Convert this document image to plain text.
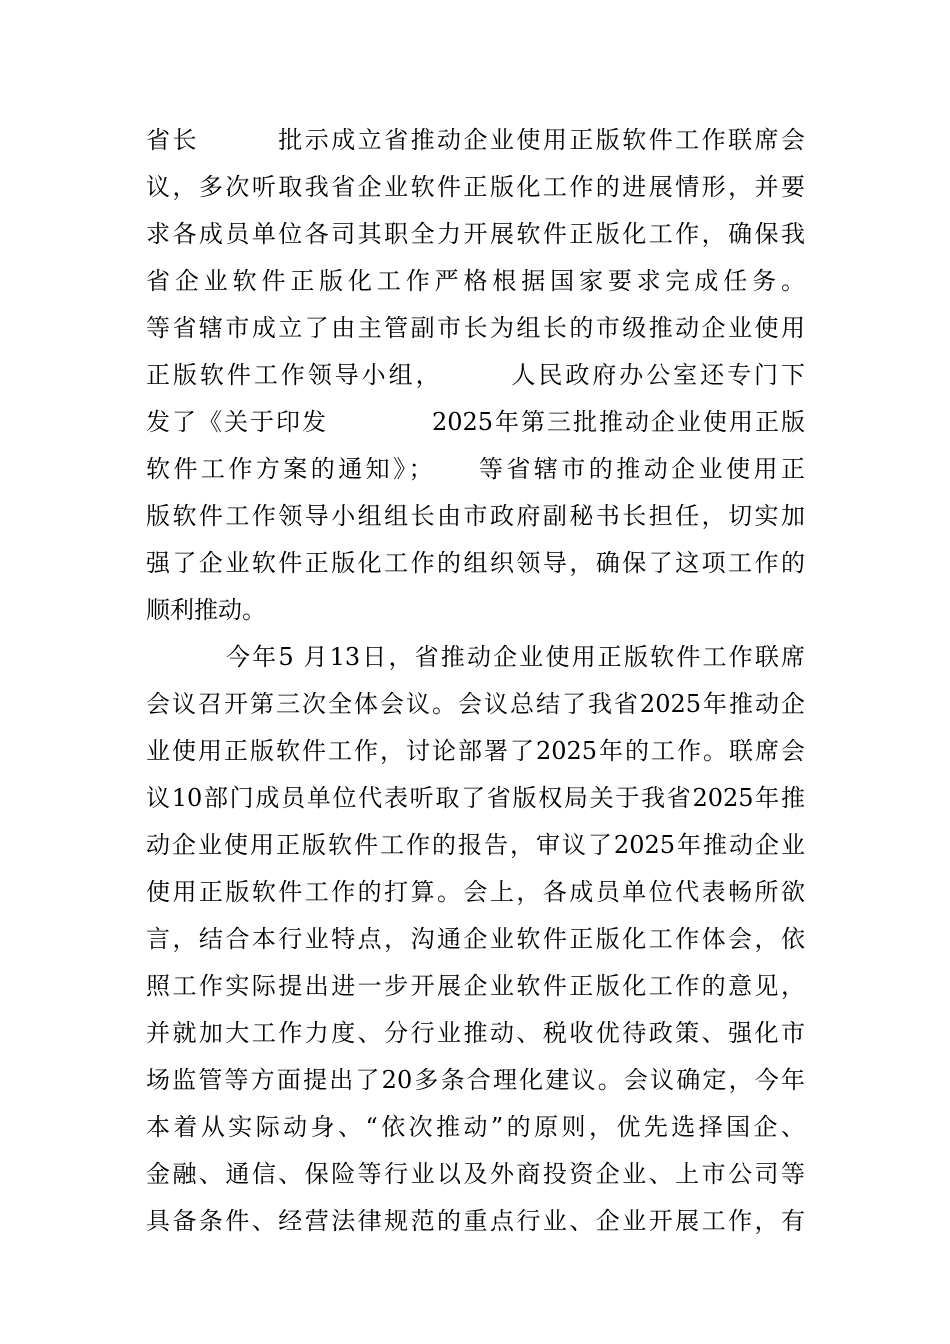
省长　　　批示成立省推动企业使用正版软件工作联席会
议，多次听取我省企业软件正版化工作的进展情形，并要
求各成员单位各司其职全力开展软件正版化工作，确保我
省企业软件正版化工作严格根据国家要求完成任务。
等省辖市成立了由主管副市长为组长的市级推动企业使用
正版软件工作领导小组，　　　人民政府办公室还专门下
发了《关于印发　　　　2025年第三批推动企业使用正版
软件工作方案的通知》；　　等省辖市的推动企业使用正
版软件工作领导小组组长由市政府副秘书长担任，切实加
强了企业软件正版化工作的组织领导，确保了这项工作的
顺利推动。
今年5 月13日，省推动企业使用正版软件工作联席
会议召开第三次全体会议。会议总结了我省2025年推动企
业使用正版软件工作，讨论部署了2025年的工作。联席会
议10部门成员单位代表听取了省版权局关于我省2025年推
动企业使用正版软件工作的报告，审议了2025年推动企业
使用正版软件工作的打算。会上，各成员单位代表畅所欲
言，结合本行业特点，沟通企业软件正版化工作体会，依
照工作实际提出进一步开展企业软件正版化工作的意见，
并就加大工作力度、分行业推动、税收优待政策、强化市
场监管等方面提出了20多条合理化建议。会议确定，今年
本着从实际动身、“依次推动”的原则，优先选择国企、
金融、通信、保险等行业以及外商投资企业、上市公司等
具备条件、经营法律规范的重点行业、企业开展工作，有
